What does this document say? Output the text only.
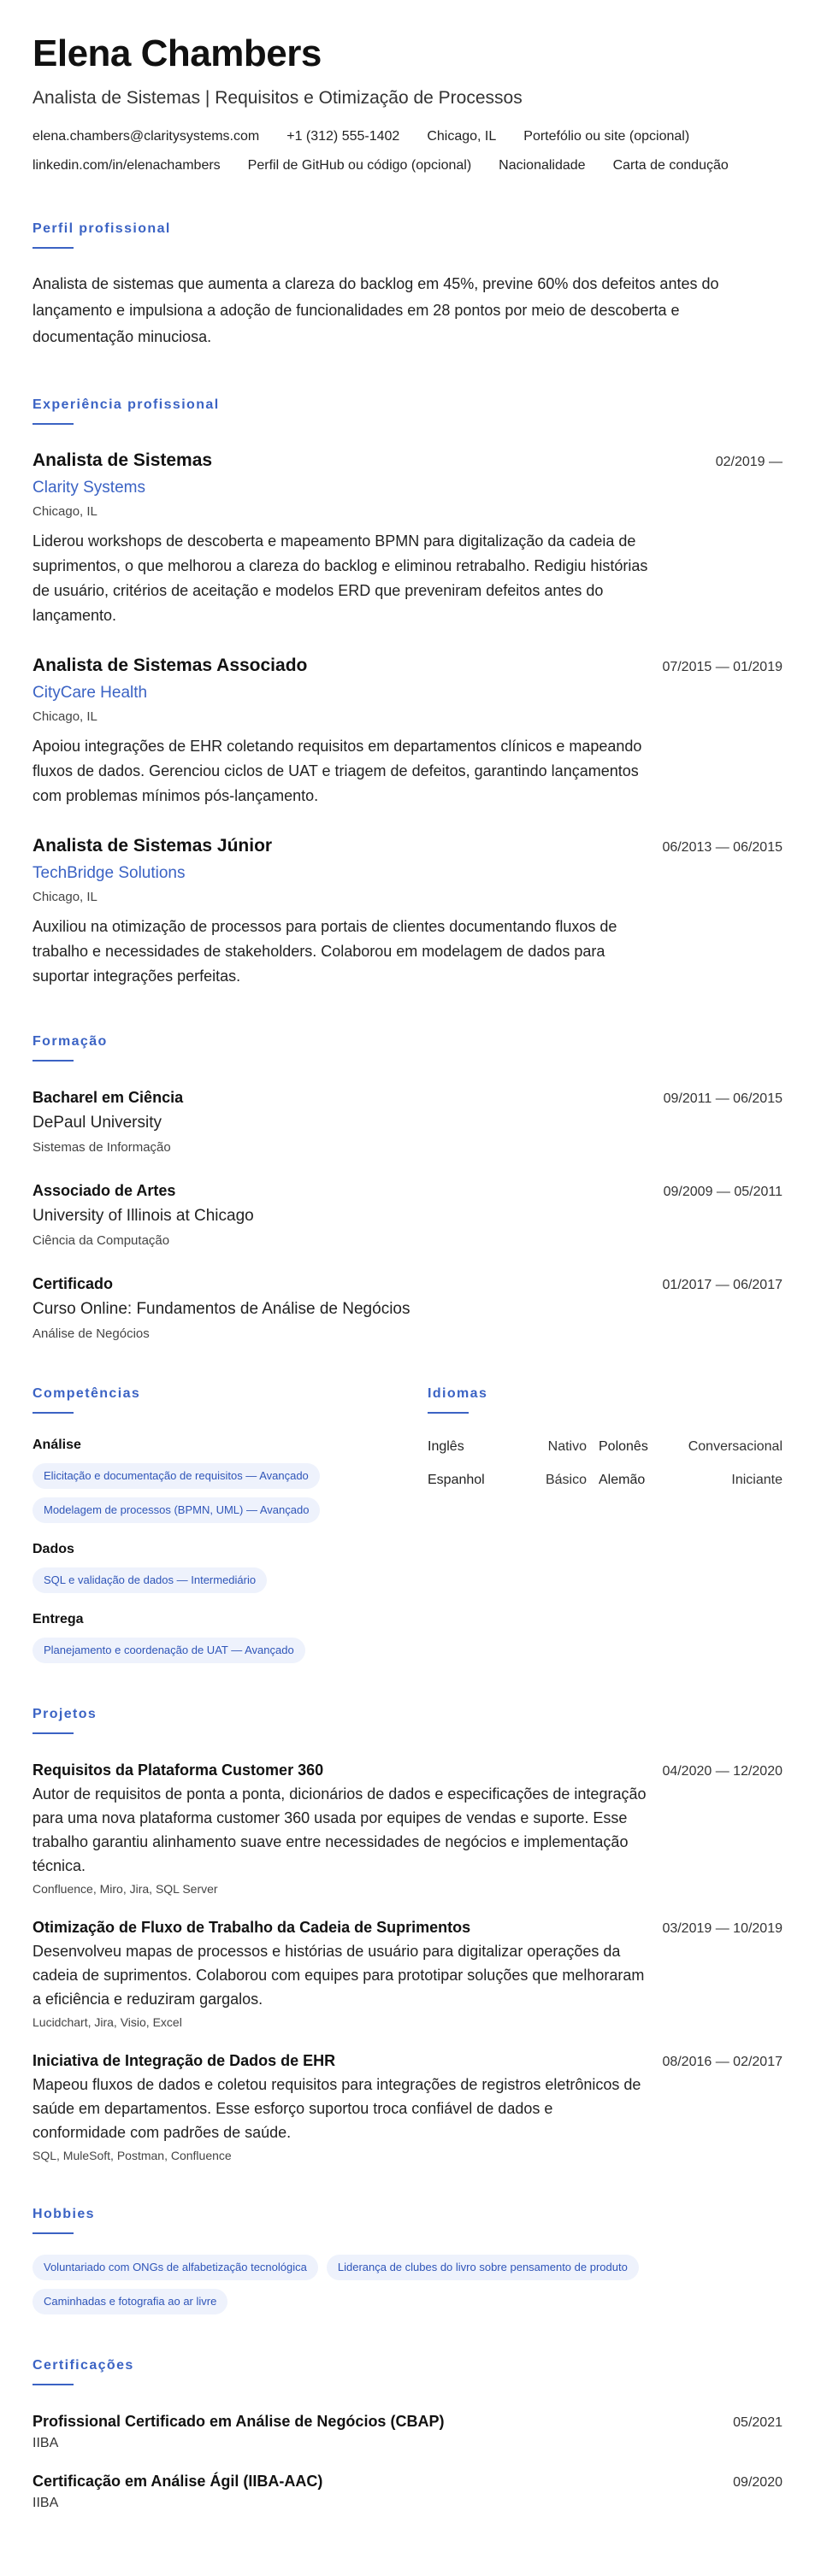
Elena Chambers
Analista de Sistemas | Requisitos e Otimização de Processos
elena.chambers@claritysystems.com +1 (312) 555-1402 Chicago, IL Portefólio ou site (opcional)
linkedin.com/in/elenachambers Perfil de GitHub ou código (opcional) Nacionalidade Carta de condução
Perfil profissional
Analista de sistemas que aumenta a clareza do backlog em 45%, previne 60% dos defeitos antes do lançamento e impulsiona a adoção de funcionalidades em 28 pontos por meio de descoberta e documentação minuciosa.
Experiência profissional
Analista de Sistemas	02/2019 —
Clarity Systems
Chicago, IL
Liderou workshops de descoberta e mapeamento BPMN para digitalização da cadeia de suprimentos, o que melhorou a clareza do backlog e eliminou retrabalho. Redigiu histórias de usuário, critérios de aceitação e modelos ERD que preveniram defeitos antes do lançamento.
Analista de Sistemas Associado	07/2015 — 01/2019
CityCare Health
Chicago, IL
Apoiou integrações de EHR coletando requisitos em departamentos clínicos e mapeando fluxos de dados. Gerenciou ciclos de UAT e triagem de defeitos, garantindo lançamentos com problemas mínimos pós-lançamento.
Analista de Sistemas Júnior	06/2013 — 06/2015
TechBridge Solutions
Chicago, IL
Auxiliou na otimização de processos para portais de clientes documentando fluxos de trabalho e necessidades de stakeholders. Colaborou em modelagem de dados para suportar integrações perfeitas.
Formação
Bacharel em Ciência	09/2011 — 06/2015
DePaul University
Sistemas de Informação
Associado de Artes	09/2009 — 05/2011
University of Illinois at Chicago
Ciência da Computação
Certificado	01/2017 — 06/2017
Curso Online: Fundamentos de Análise de Negócios
Análise de Negócios
Competências
Análise
Elicitação e documentação de requisitos — Avançado
Modelagem de processos (BPMN, UML) — Avançado
Dados
SQL e validação de dados — Intermediário
Entrega
Planejamento e coordenação de UAT — Avançado
Idiomas
Inglês	Nativo Polonês	Conversacional
Espanhol	Básico Alemão	Iniciante
Projetos
Requisitos da Plataforma Customer 360	04/2020 — 12/2020
Autor de requisitos de ponta a ponta, dicionários de dados e especificações de integração para uma nova plataforma customer 360 usada por equipes de vendas e suporte. Esse trabalho garantiu alinhamento suave entre necessidades de negócios e implementação técnica.
Confluence, Miro, Jira, SQL Server
Otimização de Fluxo de Trabalho da Cadeia de Suprimentos	03/2019 — 10/2019
Desenvolveu mapas de processos e histórias de usuário para digitalizar operações da cadeia de suprimentos. Colaborou com equipes para prototipar soluções que melhoraram a eficiência e reduziram gargalos.
Lucidchart, Jira, Visio, Excel
Iniciativa de Integração de Dados de EHR	08/2016 — 02/2017
Mapeou fluxos de dados e coletou requisitos para integrações de registros eletrônicos de saúde em departamentos. Esse esforço suportou troca confiável de dados e conformidade com padrões de saúde.
SQL, MuleSoft, Postman, Confluence
Hobbies
Voluntariado com ONGs de alfabetização tecnológica	Liderança de clubes do livro sobre pensamento de produto
Caminhadas e fotografia ao ar livre
Certificações
Profissional Certificado em Análise de Negócios (CBAP)	05/2021
IIBA
Certificação em Análise Ágil (IIBA-AAC)	09/2020
IIBA
